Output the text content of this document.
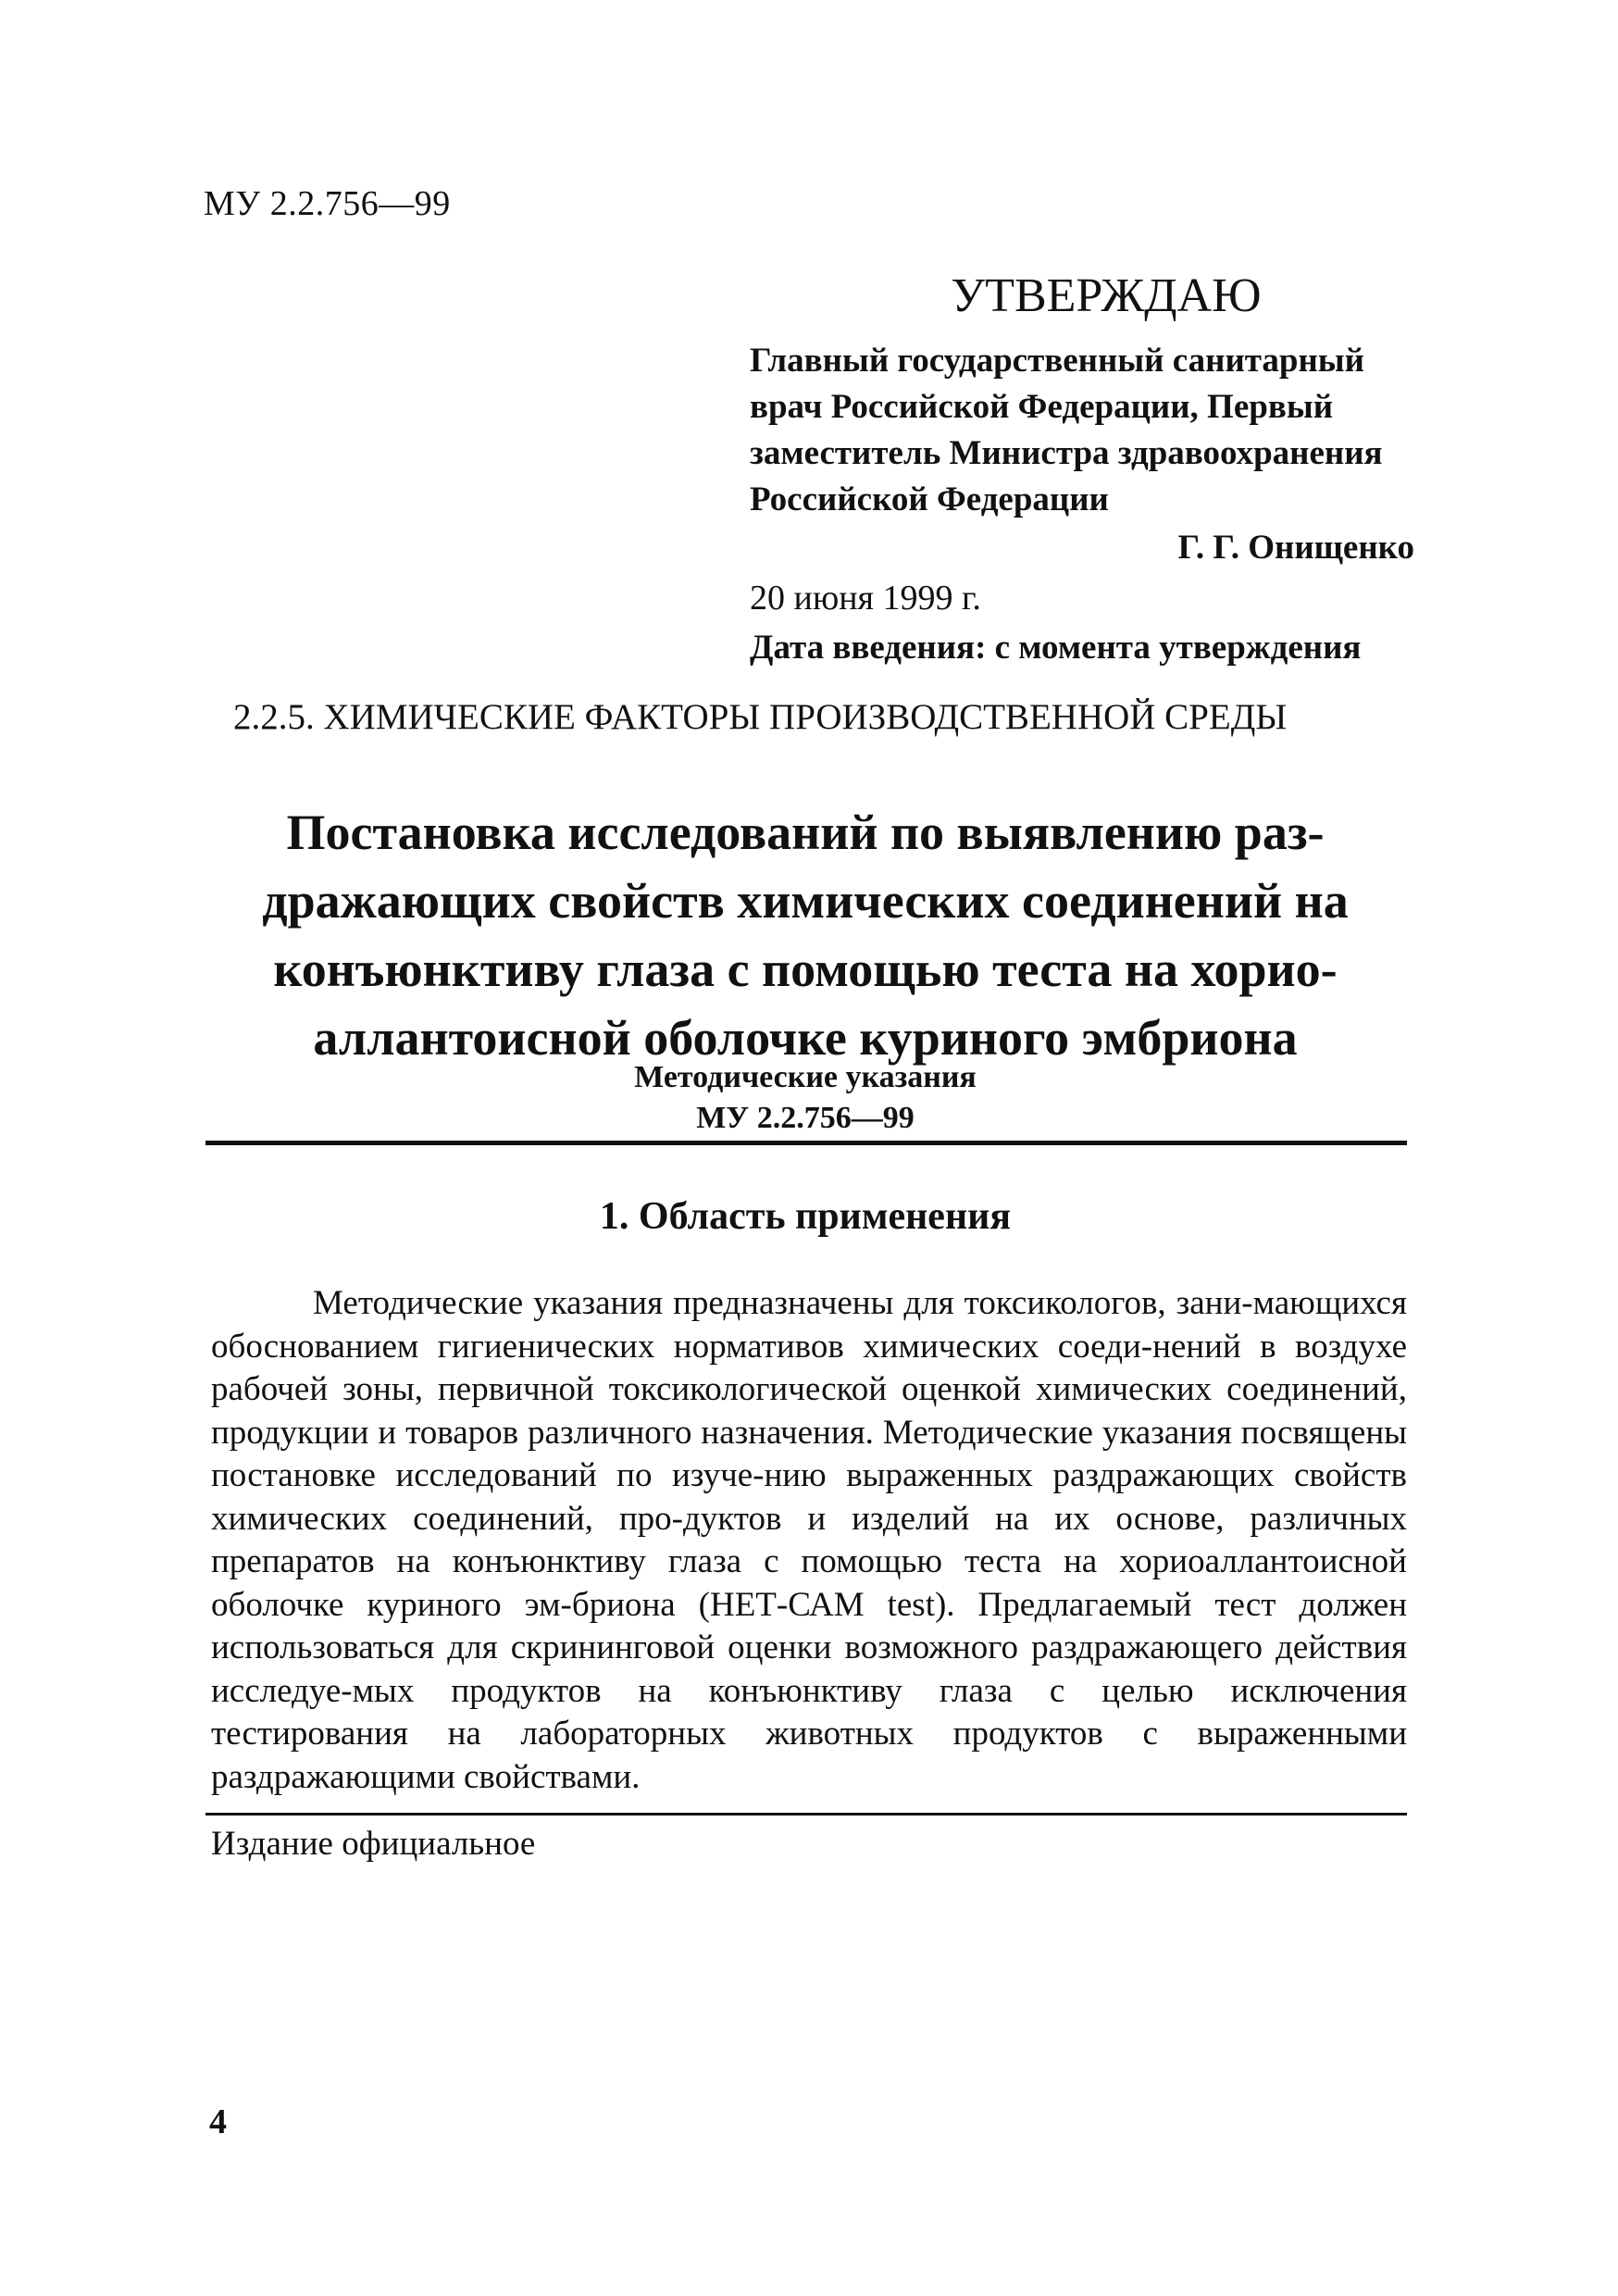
МУ 2.2.756—99
УТВЕРЖДАЮ
Главный государственный санитарный
врач Российской Федерации, Первый
заместитель Министра здравоохранения
Российской Федерации
Г. Г. Онищенко
20 июня 1999 г.
Дата введения: с момента утверждения
2.2.5. ХИМИЧЕСКИЕ ФАКТОРЫ ПРОИЗВОДСТВЕННОЙ СРЕДЫ
Постановка исследований по выявлению раз-
дражающих свойств химических соединений на
конъюнктиву глаза с помощью теста на хорио-
аллантоисной оболочке куриного эмбриона
Методические указания
МУ 2.2.756—99
1. Область применения
Методические указания предназначены для токсикологов, зани-мающихся обоснованием гигиенических нормативов химических соеди-нений в воздухе рабочей зоны, первичной токсикологической оценкой химических соединений, продукции и товаров различного назначения. Методические указания посвящены постановке исследований по изуче-нию выраженных раздражающих свойств химических соединений, про-дуктов и изделий на их основе, различных препаратов на конъюнктиву глаза с помощью теста на хориоаллантоисной оболочке куриного эм-бриона (НЕТ-САМ test). Предлагаемый тест должен использоваться для скрининговой оценки возможного раздражающего действия исследуе-мых продуктов на конъюнктиву глаза с целью исключения тестирования на лабораторных животных продуктов с выраженными раздражающими свойствами.
Издание официальное
4
